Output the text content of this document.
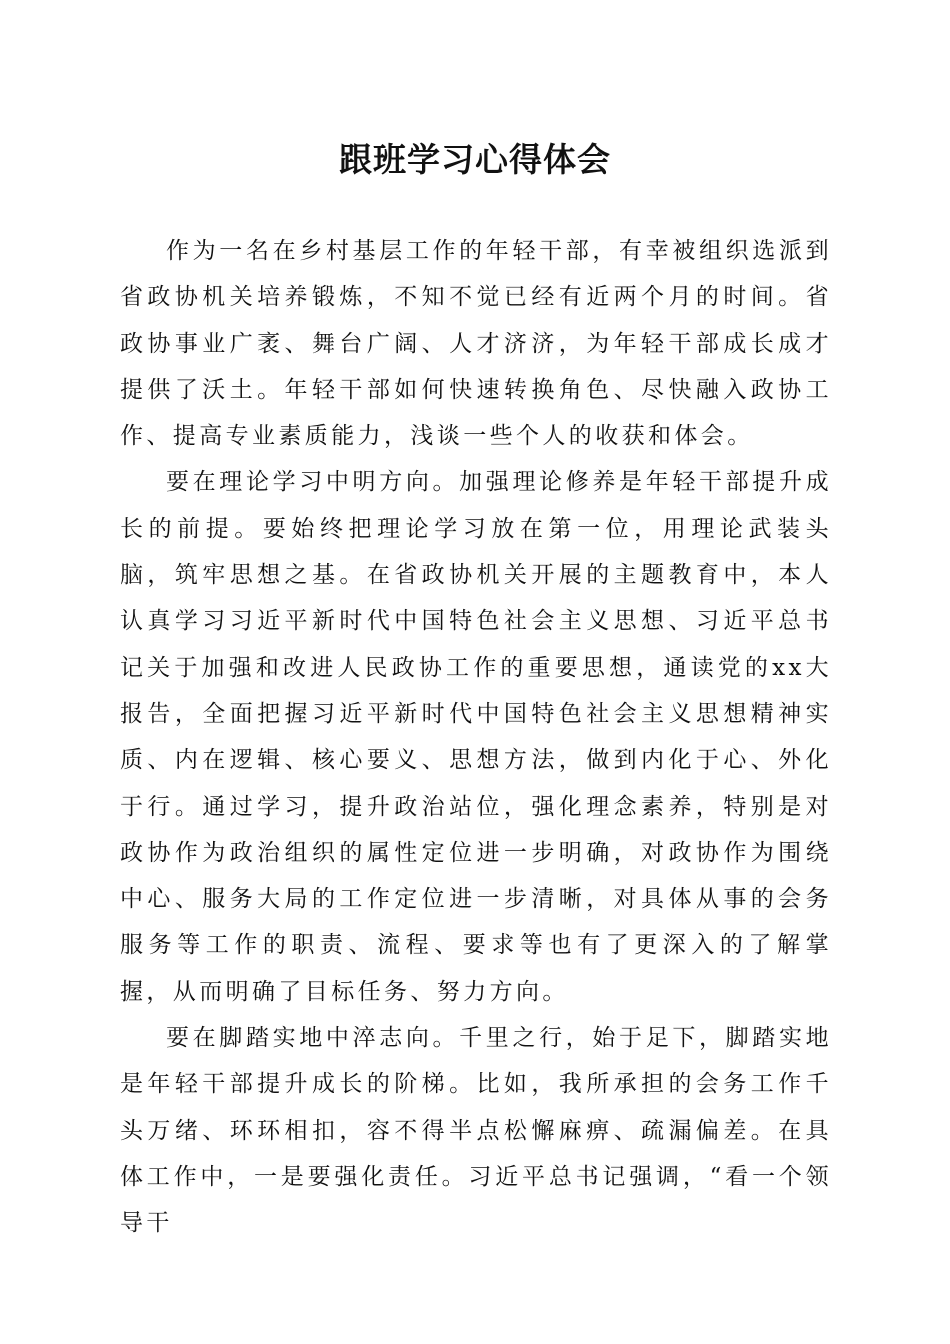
跟班学习心得体会

作为一名在乡村基层工作的年轻干部，有幸被组织选派到省政协机关培养锻炼，不知不觉已经有近两个月的时间。省政协事业广袤、舞台广阔、人才济济，为年轻干部成长成才提供了沃土。年轻干部如何快速转换角色、尽快融入政协工作、提高专业素质能力，浅谈一些个人的收获和体会。

要在理论学习中明方向。加强理论修养是年轻干部提升成长的前提。要始终把理论学习放在第一位，用理论武装头脑，筑牢思想之基。在省政协机关开展的主题教育中，本人认真学习习近平新时代中国特色社会主义思想、习近平总书记关于加强和改进人民政协工作的重要思想，通读党的xx大报告，全面把握习近平新时代中国特色社会主义思想精神实质、内在逻辑、核心要义、思想方法，做到内化于心、外化于行。通过学习，提升政治站位，强化理念素养，特别是对政协作为政治组织的属性定位进一步明确，对政协作为围绕中心、服务大局的工作定位进一步清晰，对具体从事的会务服务等工作的职责、流程、要求等也有了更深入的了解掌握，从而明确了目标任务、努力方向。

要在脚踏实地中淬志向。千里之行，始于足下，脚踏实地是年轻干部提升成长的阶梯。比如，我所承担的会务工作千头万绪、环环相扣，容不得半点松懈麻痹、疏漏偏差。在具体工作中，一是要强化责任。习近平总书记强调，“看一个领导干
